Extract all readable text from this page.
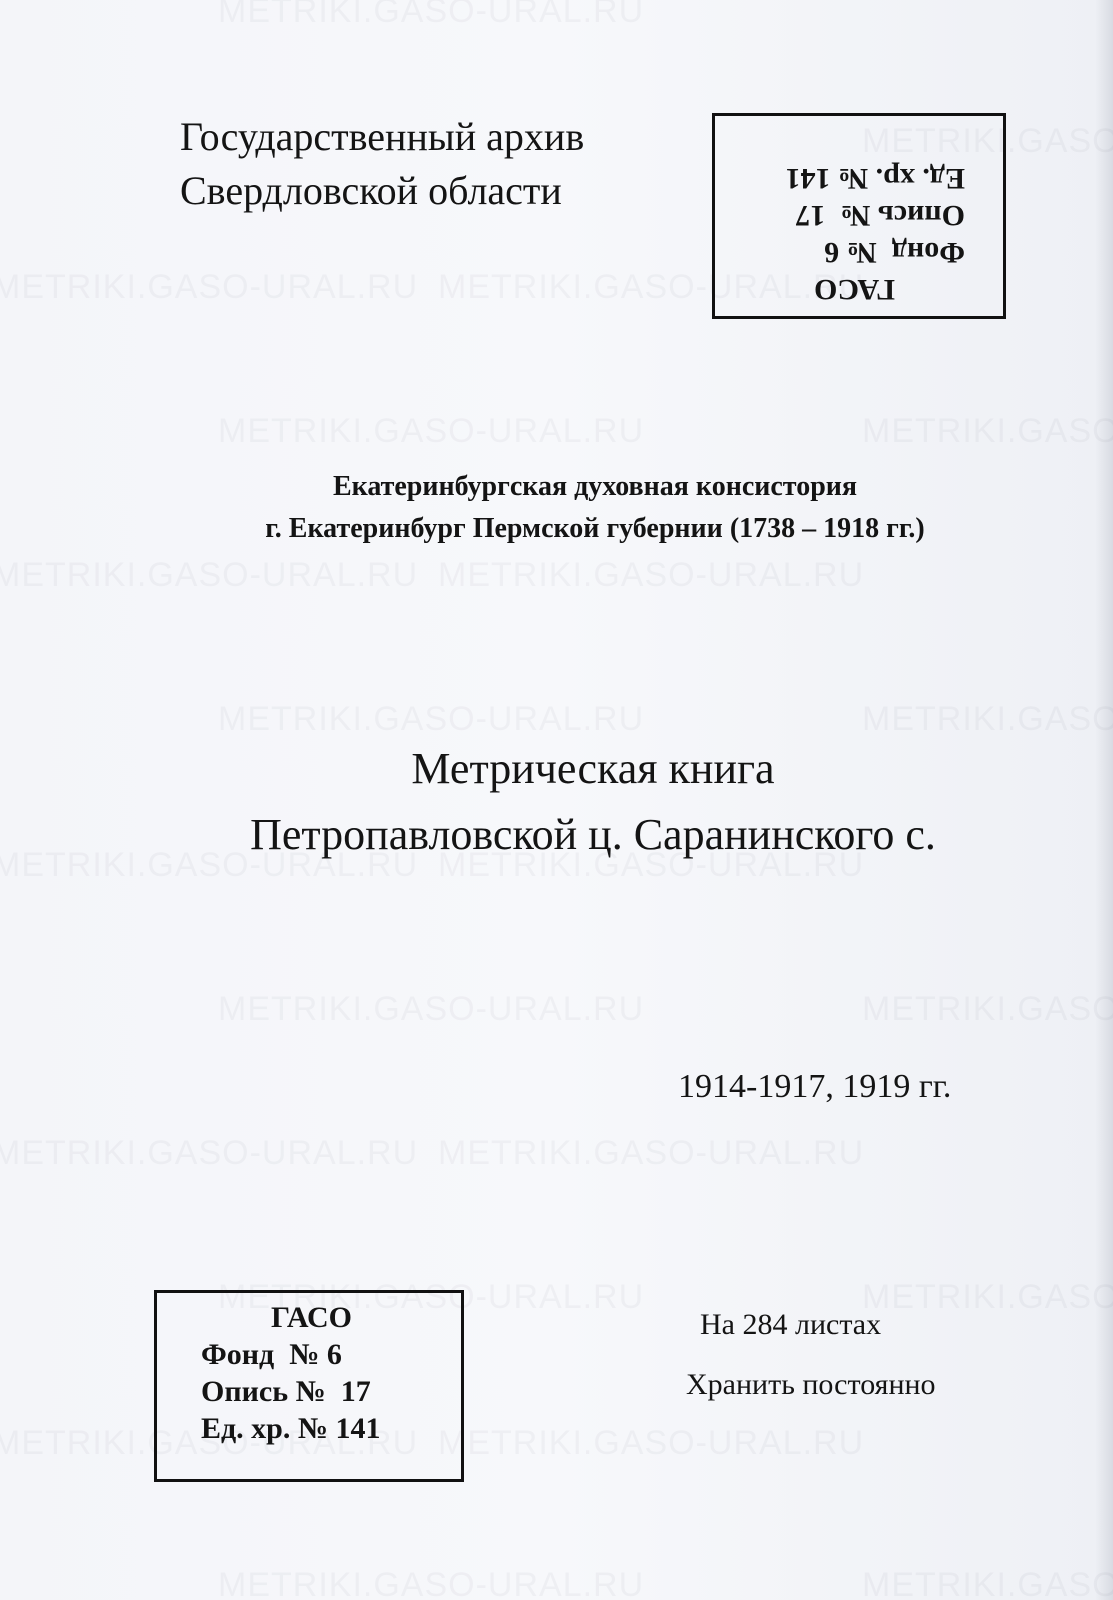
Государственный архив
Свердловской области
ГАСО
Фонд  № 6
Опись №  17
Ед. хр. № 141
Екатеринбургская духовная консистория
г. Екатеринбург Пермской губернии (1738 – 1918 гг.)
Метрическая книга
Петропавловской ц. Саранинского с.
1914-1917, 1919 гг.
ГАСО
Фонд  № 6
Опись №  17
Ед. хр. № 141
На 284 листах
Хранить постоянно
